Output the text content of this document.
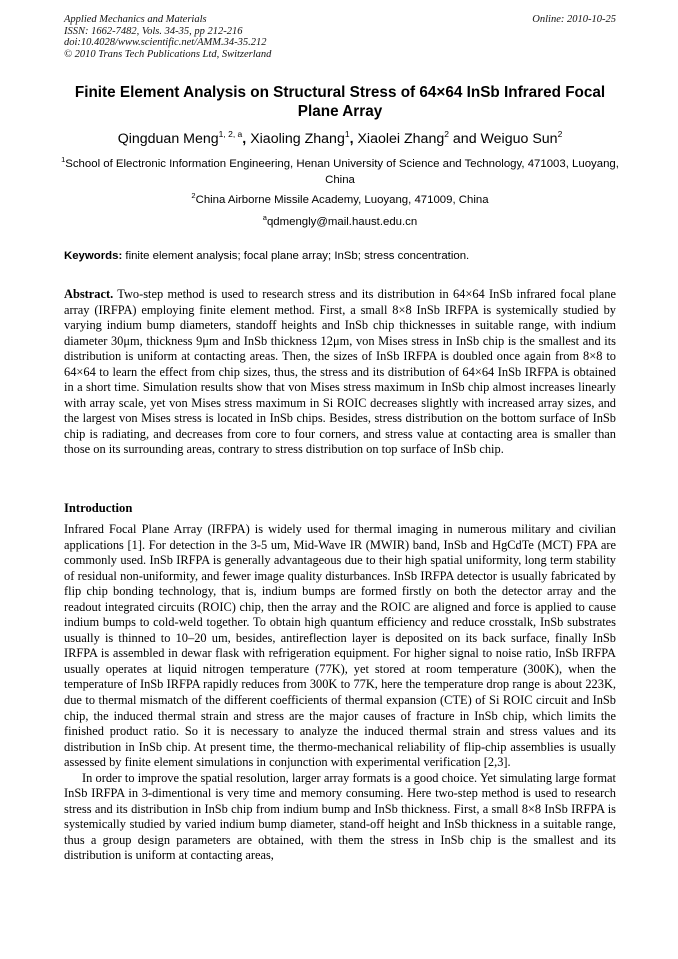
Applied Mechanics and Materials
ISSN: 1662-7482, Vols. 34-35, pp 212-216
doi:10.4028/www.scientific.net/AMM.34-35.212
© 2010 Trans Tech Publications Ltd, Switzerland
Online: 2010-10-25
Finite Element Analysis on Structural Stress of 64×64 InSb Infrared Focal Plane Array
Qingduan Meng$^{1, 2, a}$, Xiaoling Zhang$^1$, Xiaolei Zhang$^2$ and Weiguo Sun$^2$
$^1$School of Electronic Information Engineering, Henan University of Science and Technology, 471003, Luoyang, China
$^2$China Airborne Missile Academy, Luoyang, 471009, China
$^a$qdmengly@mail.haust.edu.cn
Keywords: finite element analysis; focal plane array; InSb; stress concentration.
Abstract. Two-step method is used to research stress and its distribution in 64×64 InSb infrared focal plane array (IRFPA) employing finite element method. First, a small 8×8 InSb IRFPA is systemically studied by varying indium bump diameters, standoff heights and InSb chip thicknesses in suitable range, with indium diameter 30μm, thickness 9μm and InSb thickness 12μm, von Mises stress in InSb chip is the smallest and its distribution is uniform at contacting areas. Then, the sizes of InSb IRFPA is doubled once again from 8×8 to 64×64 to learn the effect from chip sizes, thus, the stress and its distribution of 64×64 InSb IRFPA is obtained in a short time. Simulation results show that von Mises stress maximum in InSb chip almost increases linearly with array scale, yet von Mises stress maximum in Si ROIC decreases slightly with increased array sizes, and the largest von Mises stress is located in InSb chips. Besides, stress distribution on the bottom surface of InSb chip is radiating, and decreases from core to four corners, and stress value at contacting area is smaller than those on its surrounding areas, contrary to stress distribution on top surface of InSb chip.
Introduction

Infrared Focal Plane Array (IRFPA) is widely used for thermal imaging in numerous military and civilian applications [1]. For detection in the 3-5 um, Mid-Wave IR (MWIR) band, InSb and HgCdTe (MCT) FPA are commonly used. InSb IRFPA is generally advantageous due to their high spatial uniformity, long term stability of residual non-uniformity, and fewer image quality disturbances. InSb IRFPA detector is usually fabricated by flip chip bonding technology, that is, indium bumps are formed firstly on both the detector array and the readout integrated circuits (ROIC) chip, then the array and the ROIC are aligned and force is applied to cause indium bumps to cold-weld together. To obtain high quantum efficiency and reduce crosstalk, InSb substrates usually is thinned to 10–20 um, besides, antireflection layer is deposited on its back surface, finally InSb IRFPA is assembled in dewar flask with refrigeration equipment. For higher signal to noise ratio, InSb IRFPA usually operates at liquid nitrogen temperature (77K), yet stored at room temperature (300K), when the temperature of InSb IRFPA rapidly reduces from 300K to 77K, here the temperature drop range is about 223K, due to thermal mismatch of the different coefficients of thermal expansion (CTE) of Si ROIC circuit and InSb chip, the induced thermal strain and stress are the major causes of fracture in InSb chip, which limits the finished product ratio. So it is necessary to analyze the induced thermal strain and stress values and its distribution in InSb chip. At present time, the thermo-mechanical reliability of flip-chip assemblies is usually assessed by finite element simulations in conjunction with experimental verification [2,3].

In order to improve the spatial resolution, larger array formats is a good choice. Yet simulating large format InSb IRFPA in 3-dimentional is very time and memory consuming. Here two-step method is used to research stress and its distribution in InSb chip from indium bump and InSb thickness. First, a small 8×8 InSb IRFPA is systemically studied by varied indium bump diameter, stand-off height and InSb thickness in a suitable range, thus a group design parameters are obtained, with them the stress in InSb chip is the smallest and its distribution is uniform at contacting areas,
